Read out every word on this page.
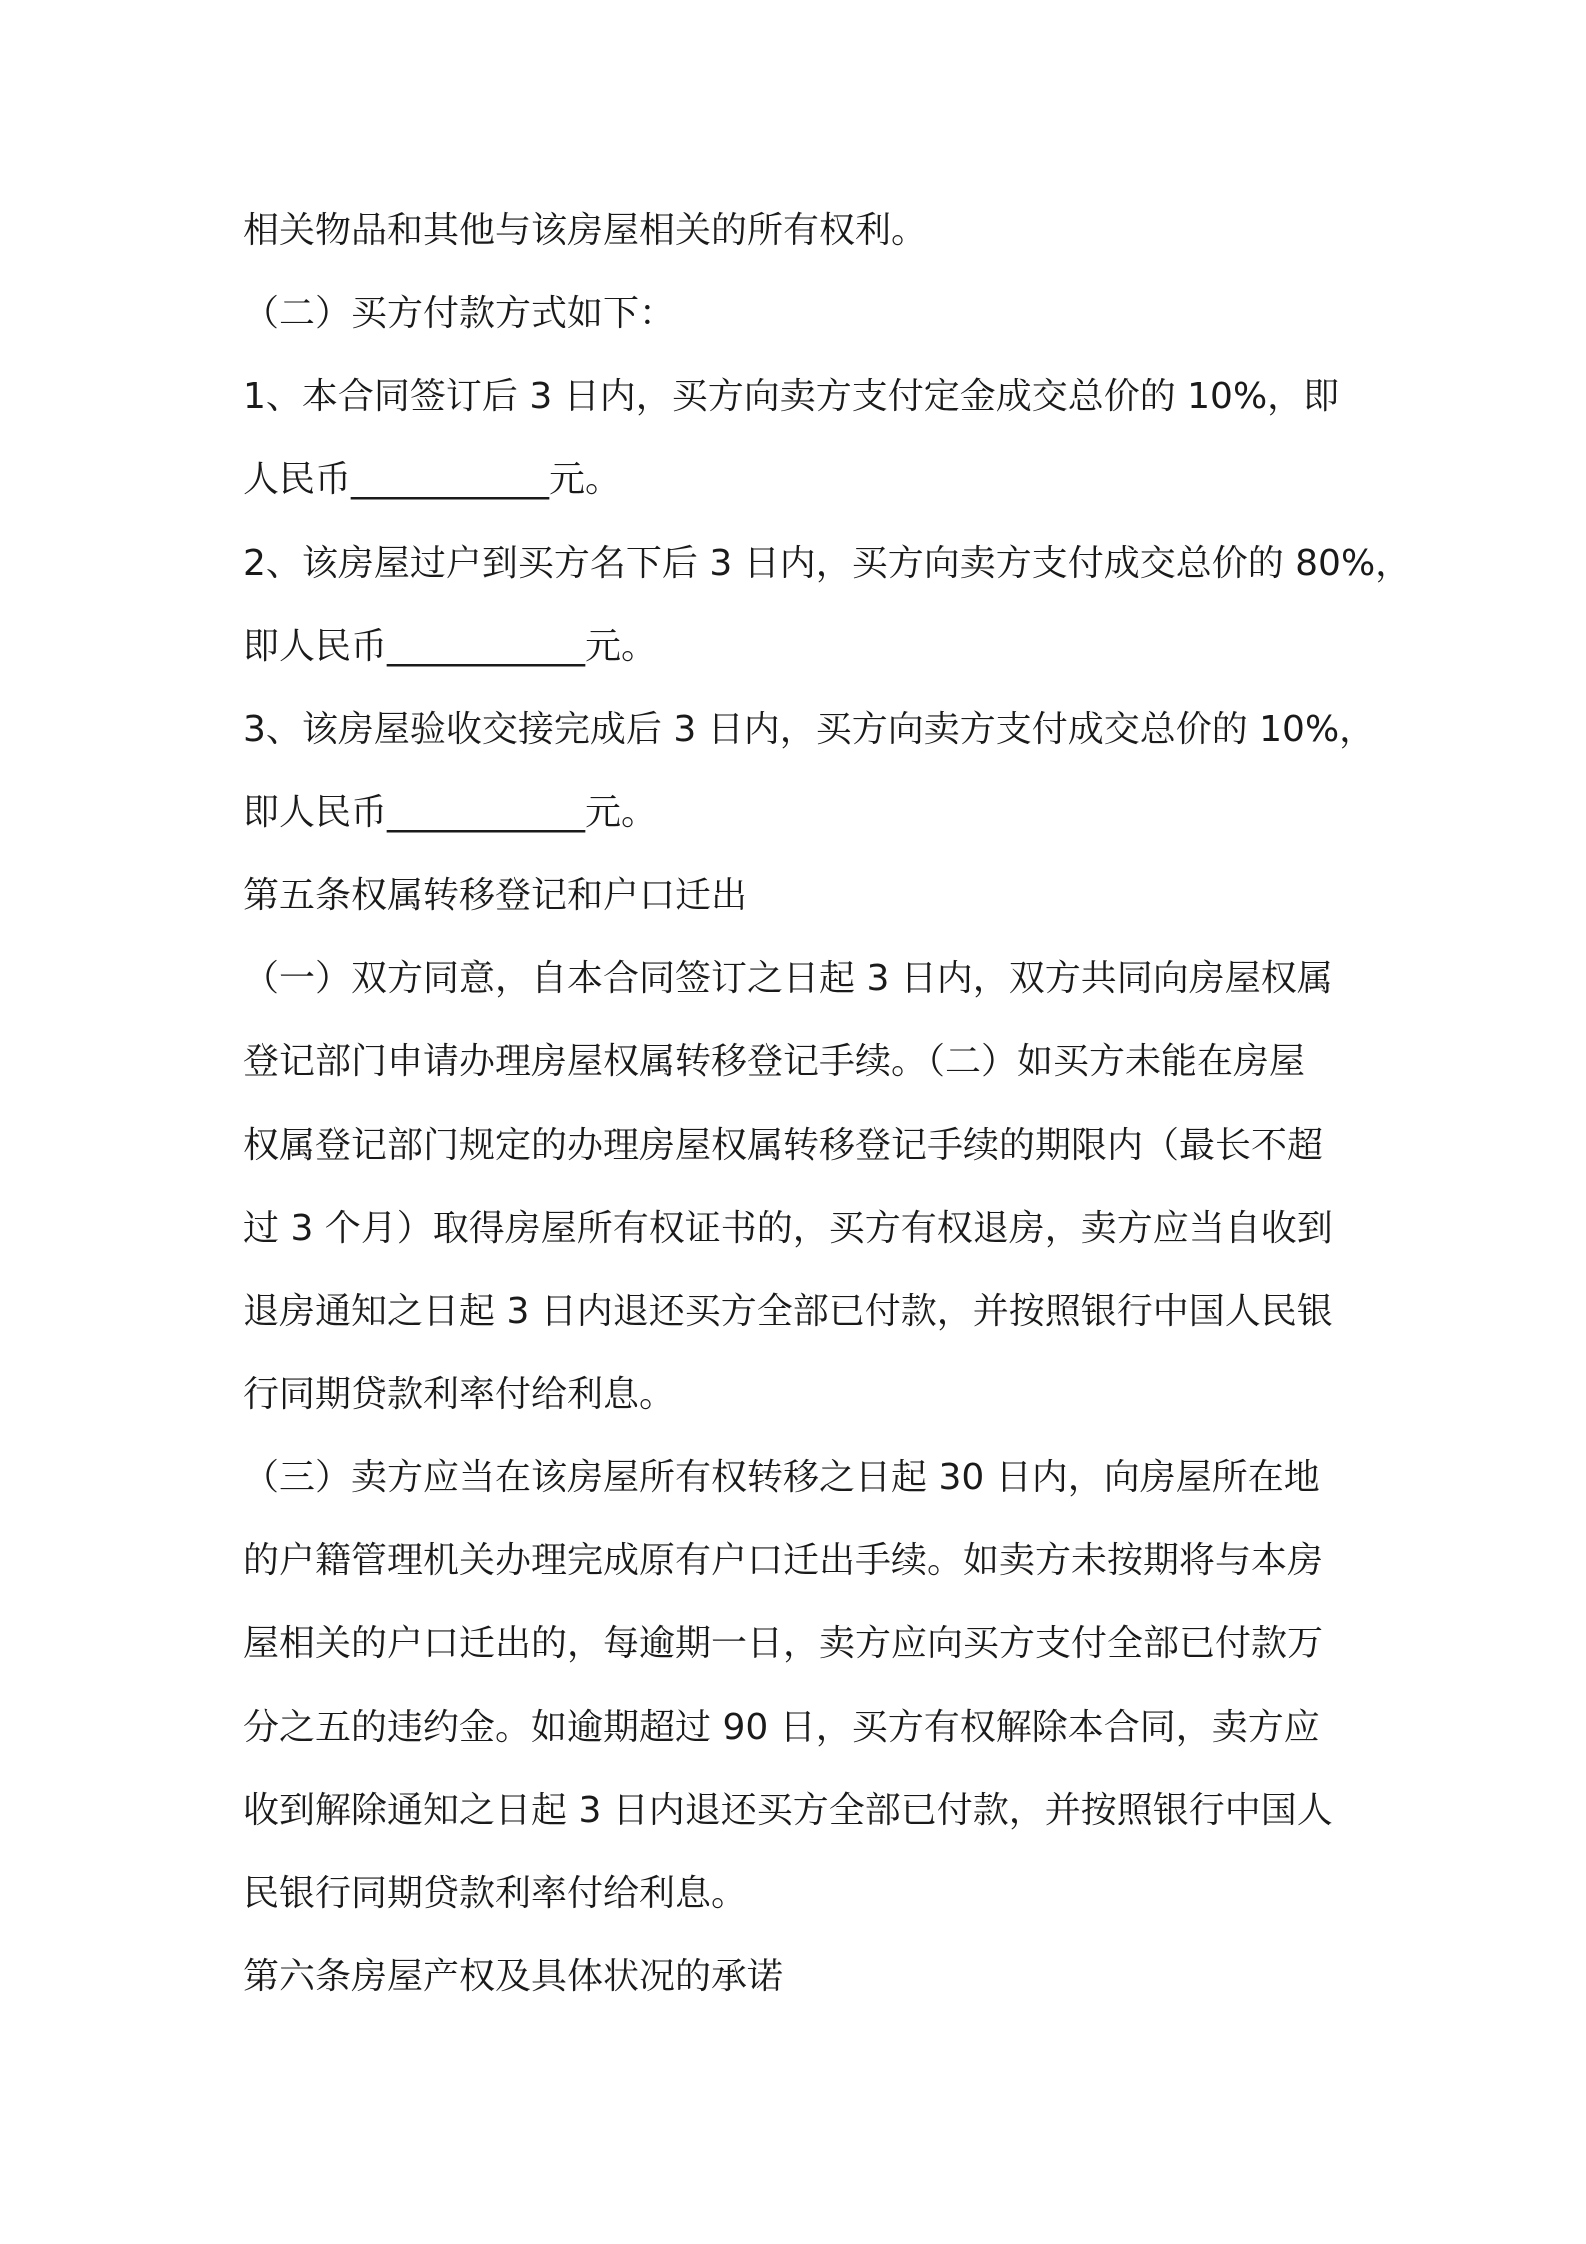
相关物品和其他与该房屋相关的所有权利。

（二）买方付款方式如下：

1、本合同签订后 3 日内，买方向卖方支付定金成交总价的 10%，即

人民币___________元。

2、该房屋过户到买方名下后 3 日内，买方向卖方支付成交总价的 80%，

即人民币___________元。

3、该房屋验收交接完成后 3 日内，买方向卖方支付成交总价的 10%，

即人民币___________元。

第五条权属转移登记和户口迁出

（一）双方同意，自本合同签订之日起 3 日内，双方共同向房屋权属

登记部门申请办理房屋权属转移登记手续。（二）如买方未能在房屋

权属登记部门规定的办理房屋权属转移登记手续的期限内（最长不超

过 3 个月）取得房屋所有权证书的，买方有权退房，卖方应当自收到

退房通知之日起 3 日内退还买方全部已付款，并按照银行中国人民银

行同期贷款利率付给利息。

（三）卖方应当在该房屋所有权转移之日起 30 日内，向房屋所在地

的户籍管理机关办理完成原有户口迁出手续。如卖方未按期将与本房

屋相关的户口迁出的，每逾期一日，卖方应向买方支付全部已付款万

分之五的违约金。如逾期超过 90 日，买方有权解除本合同，卖方应

收到解除通知之日起 3 日内退还买方全部已付款，并按照银行中国人

民银行同期贷款利率付给利息。

第六条房屋产权及具体状况的承诺
